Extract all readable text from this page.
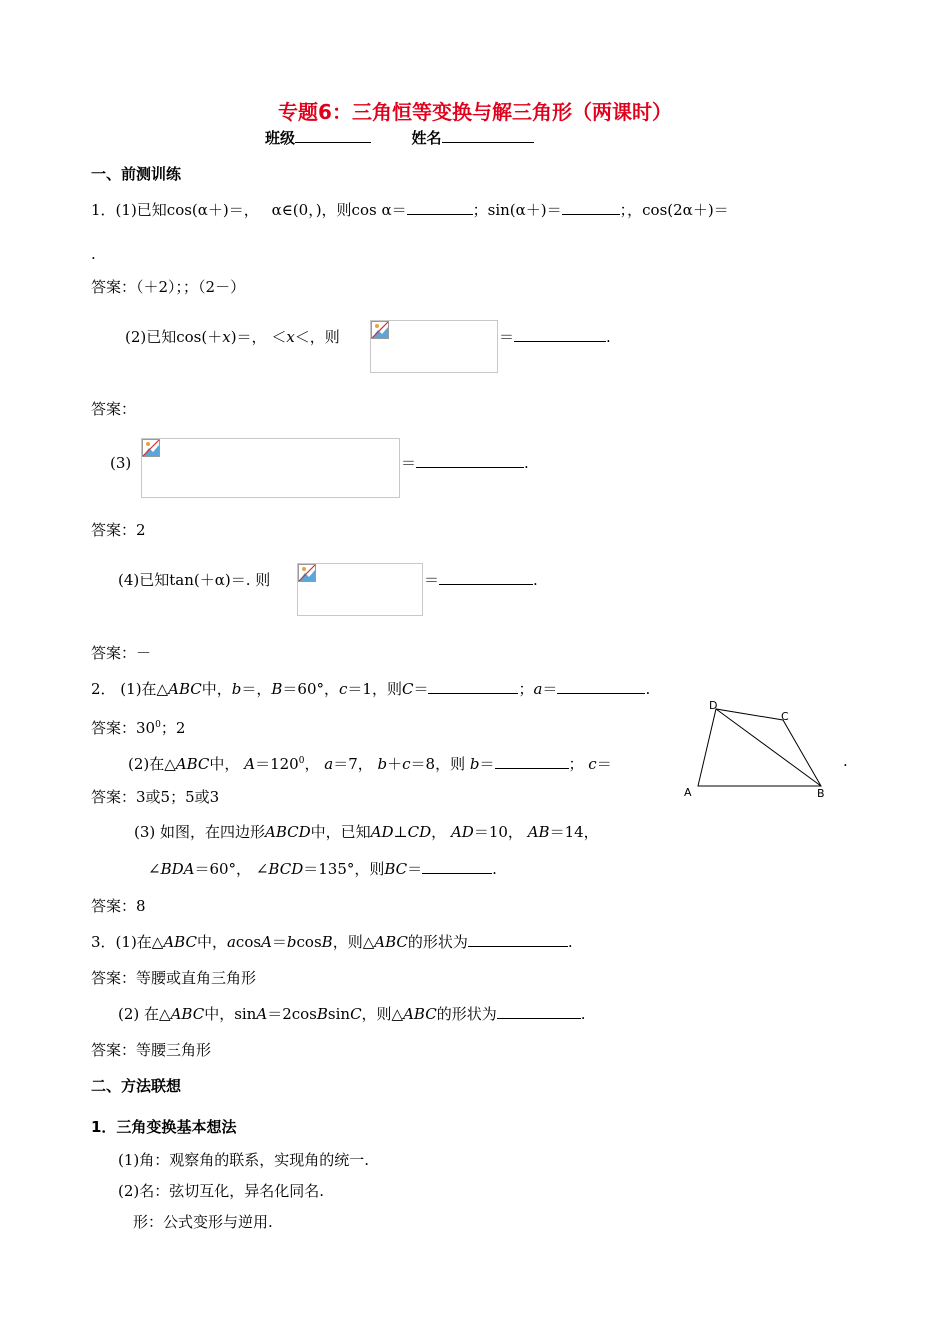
专题6：三角恒等变换与解三角形（两课时）
班级	姓名
一、前测训练
1．(1)已知cos(α＋)＝， α∈(0，)，则cos α＝	；sin(α＋)＝	；，cos(2α＋)＝
.
答案：（＋2）；；（2－）
(2)已知cos(＋x)＝， ＜x＜，则	＝	.
答案：
(3)	＝	.
答案：2
(4)已知tan(＋α)＝. 则	＝	.
答案：－
2． (1)在△ABC中，b＝，B＝60°，c＝1，则C＝	；a＝	.
答案：$30^0$；2
(2)在△ABC中， $A=120^0$， a＝7， b＋c＝8，则 b＝	； c＝	.
答案：3或5；5或3	A	B
C
D
(3) 如图，在四边形ABCD中，已知AD⊥CD， AD＝10， AB＝14，
∠BDA＝60°， ∠BCD＝135°，则BC＝	.
答案：8
3．(1)在△ABC中，acosA＝bcosB，则△ABC的形状为	.
答案：等腰或直角三角形
(2) 在△ABC中，sinA＝2cosBsinC，则△ABC的形状为	.
答案：等腰三角形
二、方法联想
1．三角变换基本想法
(1)角：观察角的联系，实现角的统一.
(2)名：弦切互化，异名化同名.
形：公式变形与逆用.
